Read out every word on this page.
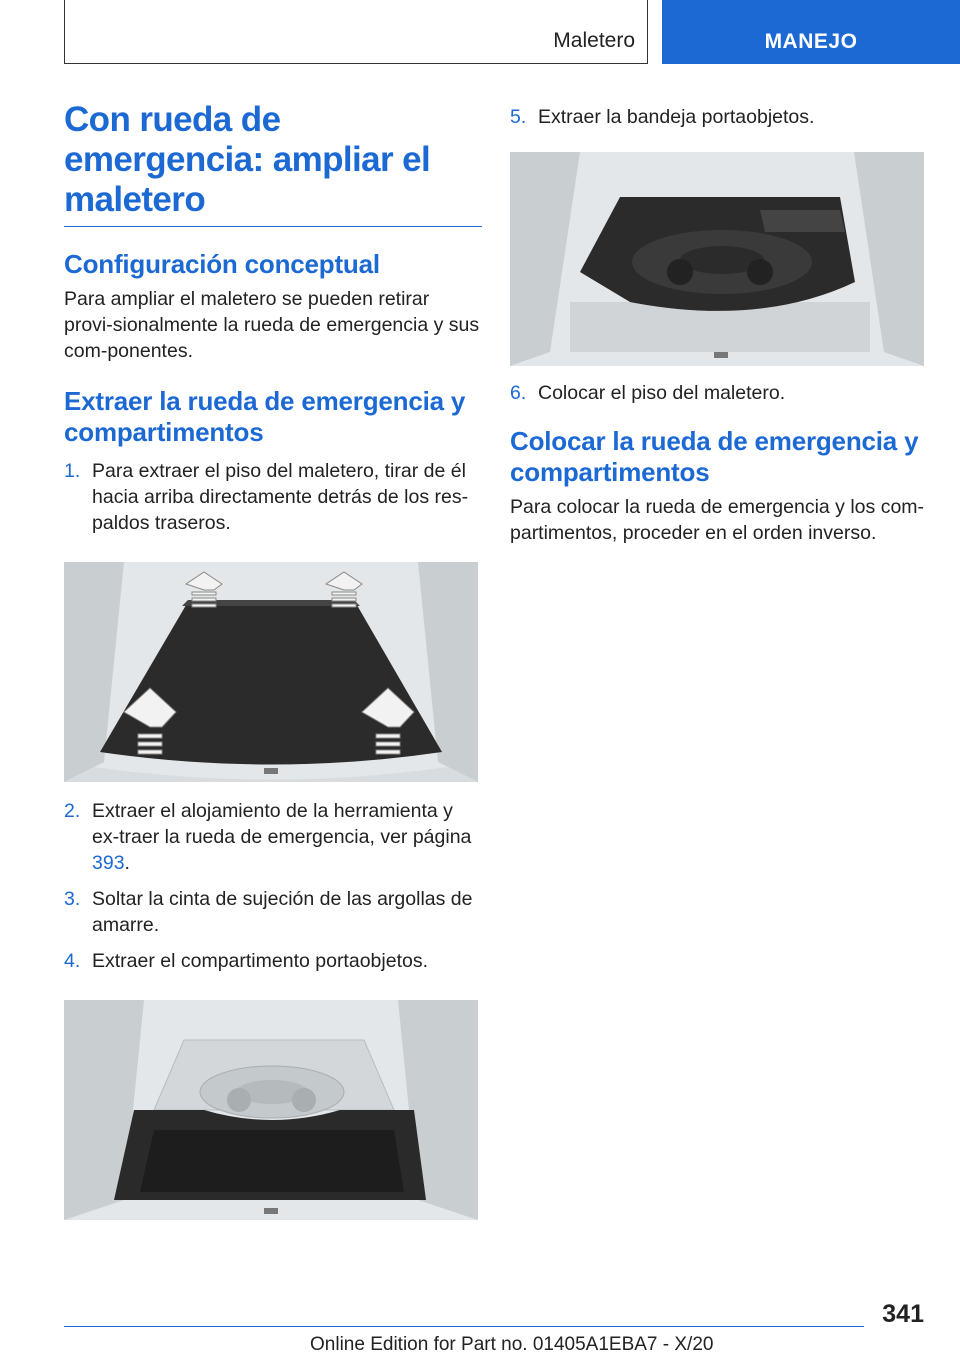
Maletero	MANEJO
Con rueda de emergencia: ampliar el maletero
Configuración conceptual

Para ampliar el maletero se pueden retirar provi-sionalmente la rueda de emergencia y sus com-ponentes.

Extraer la rueda de emergencia y compartimentos
1. Para extraer el piso del maletero, tirar de él hacia arriba directamente detrás de los res-paldos traseros.
2. Extraer el alojamiento de la herramienta y ex-traer la rueda de emergencia, ver página 393.
3. Soltar la cinta de sujeción de las argollas de amarre.
4. Extraer el compartimento portaobjetos.
5. Extraer la bandeja portaobjetos.
6. Colocar el piso del maletero.
Colocar la rueda de emergencia y compartimentos

Para colocar la rueda de emergencia y los com-partimentos, proceder en el orden inverso.

341
Online Edition for Part no. 01405A1EBA7 - X/20
